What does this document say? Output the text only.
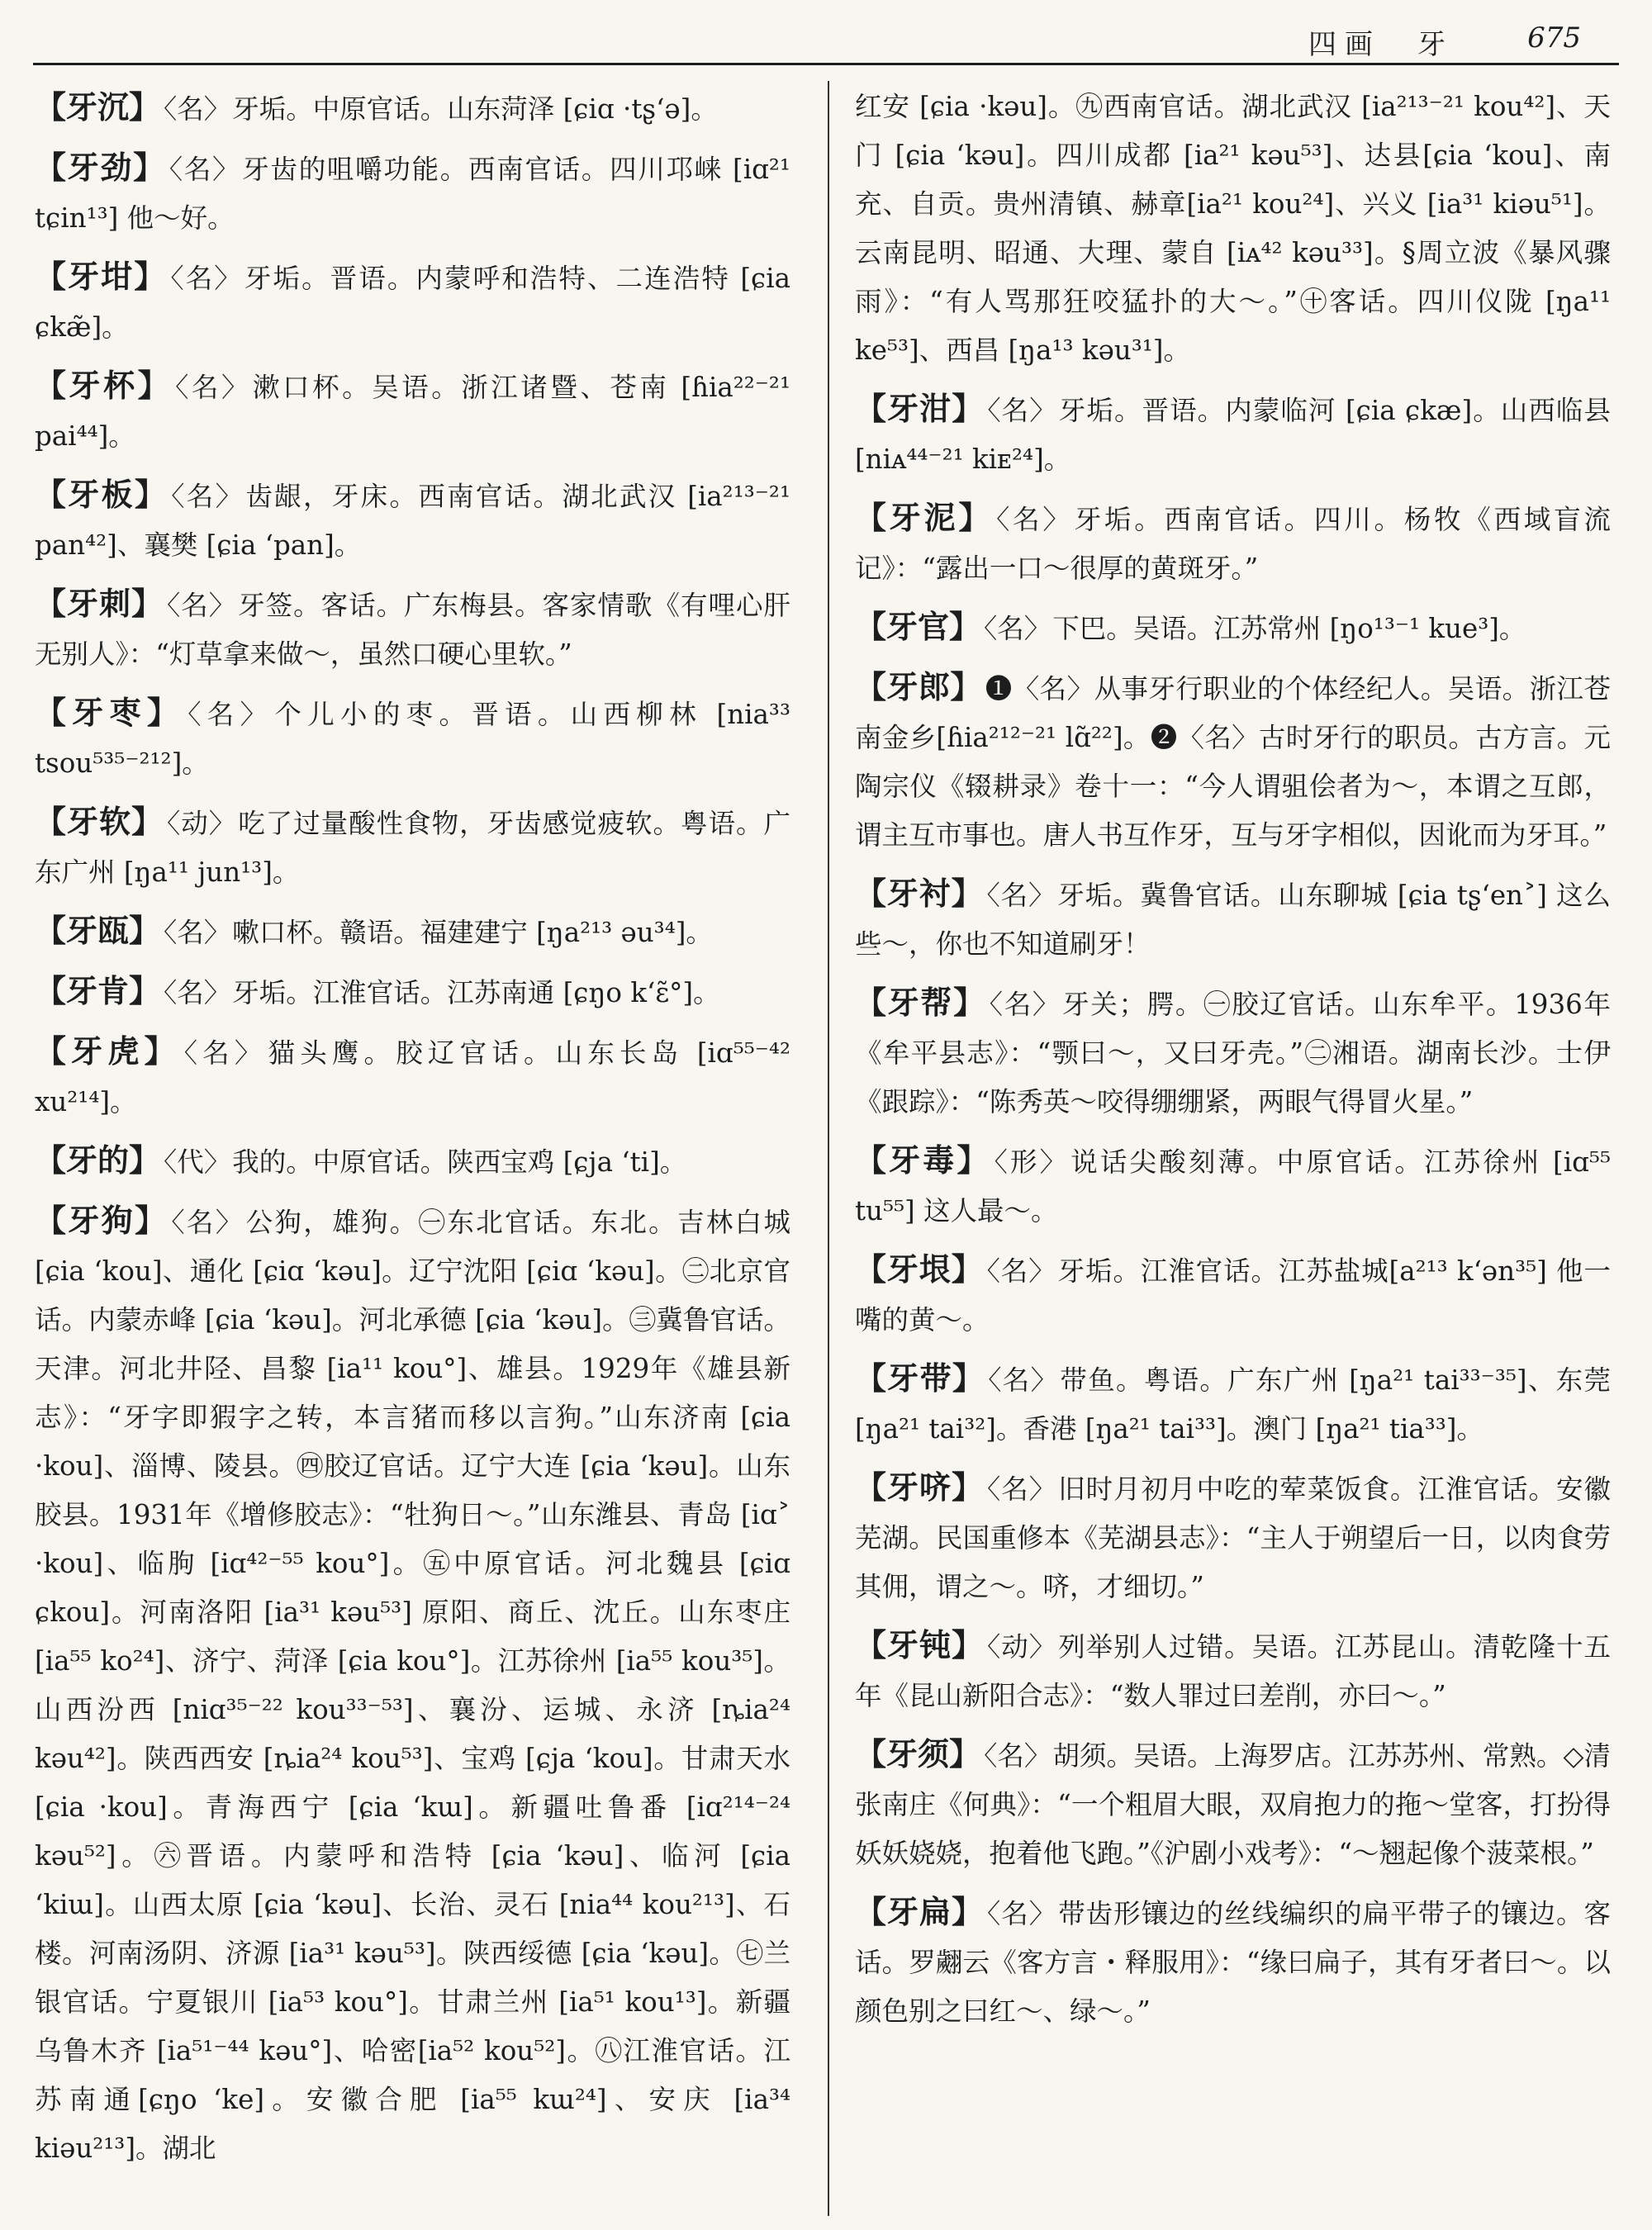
四画　牙	675

【牙沉】 〈名〉牙垢。中原官话。山东菏泽 [ɕiɑ ·tʂʻə]。

【牙劲】 〈名〉牙齿的咀嚼功能。西南官话。四川邛崃 [iɑ²¹ tɕin¹³] 他～好。

【牙坩】 〈名〉牙垢。晋语。内蒙呼和浩特、二连浩特 [ɕia ɕkæ̃]。

【牙杯】 〈名〉漱口杯。吴语。浙江诸暨、苍南 [ɦia²²⁻²¹ pai⁴⁴]。

【牙板】 〈名〉齿龈，牙床。西南官话。湖北武汉 [ia²¹³⁻²¹ pan⁴²]、襄樊 [ɕia ʻpan]。

【牙刺】 〈名〉牙签。客话。广东梅县。客家情歌《有哩心肝无别人》：“灯草拿来做～，虽然口硬心里软。”

【牙枣】 〈名〉个儿小的枣。晋语。山西柳林 [nia³³ tsou⁵³⁵⁻²¹²]。

【牙软】 〈动〉吃了过量酸性食物，牙齿感觉疲软。粤语。广东广州 [ŋa¹¹ jun¹³]。

【牙瓯】 〈名〉嗽口杯。赣语。福建建宁 [ŋa²¹³ əu³⁴]。

【牙肯】 〈名〉牙垢。江淮官话。江苏南通 [ɕŋo kʻɛ̃°]。

【牙虎】 〈名〉猫头鹰。胶辽官话。山东长岛 [iɑ⁵⁵⁻⁴² xu²¹⁴]。

【牙的】 〈代〉我的。中原官话。陕西宝鸡 [ɕja ʻti]。

【牙狗】 〈名〉公狗，雄狗。㊀东北官话。东北。吉林白城[ɕia ʻkou]、通化 [ɕiɑ ʻkəu]。辽宁沈阳 [ɕiɑ ʻkəu]。㊁北京官话。内蒙赤峰 [ɕia ʻkəu]。河北承德 [ɕia ʻkəu]。㊂冀鲁官话。天津。河北井陉、昌黎 [ia¹¹ kou°]、雄县。1929年《雄县新志》：“牙字即猳字之转，本言猪而移以言狗。”山东济南 [ɕia ·kou]、淄博、陵县。㊃胶辽官话。辽宁大连 [ɕia ʻkəu]。山东胶县。1931年《增修胶志》：“牡狗日～。”山东潍县、青岛 [iɑ˃ ·kou]、临朐 [iɑ⁴²⁻⁵⁵ kou°]。㊄中原官话。河北魏县 [ɕiɑ ɕkou]。河南洛阳 [ia³¹ kəu⁵³] 原阳、商丘、沈丘。山东枣庄 [ia⁵⁵ ko²⁴]、济宁、菏泽 [ɕia kou°]。江苏徐州 [ia⁵⁵ kou³⁵]。山西汾西 [niɑ³⁵⁻²² kou³³⁻⁵³]、襄汾、运城、永济 [ȵia²⁴ kəu⁴²]。陕西西安 [ȵia²⁴ kou⁵³]、宝鸡 [ɕja ʻkou]。甘肃天水 [ɕia ·kou]。青海西宁 [ɕia ʻkɯ]。新疆吐鲁番 [iɑ²¹⁴⁻²⁴ kəu⁵²]。㊅晋语。内蒙呼和浩特 [ɕia ʻkəu]、临河 [ɕia ʻkiɯ]。山西太原 [ɕia ʻkəu]、长治、灵石 [nia⁴⁴ kou²¹³]、石楼。河南汤阴、济源 [ia³¹ kəu⁵³]。陕西绥德 [ɕia ʻkəu]。㊆兰银官话。宁夏银川 [ia⁵³ kou°]。甘肃兰州 [ia⁵¹ kou¹³]。新疆乌鲁木齐 [ia⁵¹⁻⁴⁴ kəu°]、哈密[ia⁵² kou⁵²]。㊇江淮官话。江苏南通[ɕŋo ʻke]。安徽合肥 [ia⁵⁵ kɯ²⁴]、安庆 [ia³⁴ kiəu²¹³]。湖北

红安 [ɕia ·kəu]。㊈西南官话。湖北武汉 [ia²¹³⁻²¹ kou⁴²]、天门 [ɕia ʻkəu]。四川成都 [ia²¹ kəu⁵³]、达县[ɕia ʻkou]、南充、自贡。贵州清镇、赫章[ia²¹ kou²⁴]、兴义 [ia³¹ kiəu⁵¹]。云南昆明、昭通、大理、蒙自 [iᴀ⁴² kəu³³]。§周立波《暴风骤雨》：“有人骂那狂咬猛扑的大～。”㊉客话。四川仪陇 [ŋa¹¹ ke⁵³]、西昌 [ŋa¹³ kəu³¹]。

【牙泔】 〈名〉牙垢。晋语。内蒙临河 [ɕia ɕkæ]。山西临县 [niᴀ⁴⁴⁻²¹ kiᴇ²⁴]。

【牙泥】 〈名〉牙垢。西南官话。四川。杨牧《西域盲流记》：“露出一口～很厚的黄斑牙。”

【牙官】 〈名〉下巴。吴语。江苏常州 [ŋo¹³⁻¹ kue³]。

【牙郎】 ❶〈名〉从事牙行职业的个体经纪人。吴语。浙江苍南金乡[ɦia²¹²⁻²¹ lɑ̃²²]。❷〈名〉古时牙行的职员。古方言。元陶宗仪《辍耕录》卷十一：“今人谓驵侩者为～，本谓之互郎，谓主互市事也。唐人书互作牙，互与牙字相似，因讹而为牙耳。”

【牙衬】 〈名〉牙垢。冀鲁官话。山东聊城 [ɕia tʂʻen˃] 这么些～，你也不知道刷牙！

【牙帮】 〈名〉牙关；腭。㊀胶辽官话。山东牟平。1936年《牟平县志》：“颚曰～，又曰牙壳。”㊁湘语。湖南长沙。士伊《跟踪》：“陈秀英～咬得绷绷紧，两眼气得冒火星。”

【牙毒】 〈形〉说话尖酸刻薄。中原官话。江苏徐州 [iɑ⁵⁵ tu⁵⁵] 这人最～。

【牙垠】 〈名〉牙垢。江淮官话。江苏盐城[a²¹³ kʻən³⁵] 他一嘴的黄～。

【牙带】 〈名〉带鱼。粤语。广东广州 [ŋa²¹ tai³³⁻³⁵]、东莞 [ŋa²¹ tai³²]。香港 [ŋa²¹ tai³³]。澳门 [ŋa²¹ tia³³]。

【牙哜】 〈名〉旧时月初月中吃的荤菜饭食。江淮官话。安徽芜湖。民国重修本《芜湖县志》：“主人于朔望后一日，以肉食劳其佣，谓之～。哜，才细切。”

【牙钝】 〈动〉列举别人过错。吴语。江苏昆山。清乾隆十五年《昆山新阳合志》：“数人罪过曰差削，亦曰～。”

【牙须】 〈名〉胡须。吴语。上海罗店。江苏苏州、常熟。◇清张南庄《何典》：“一个粗眉大眼，双肩抱力的拖～堂客，打扮得妖妖娆娆，抱着他飞跑。”《沪剧小戏考》：“～翘起像个菠菜根。”

【牙扁】 〈名〉带齿形镶边的丝线编织的扁平带子的镶边。客话。罗翽云《客方言・释服用》：“缘曰扁子，其有牙者曰～。以颜色别之曰红～、绿～。”
